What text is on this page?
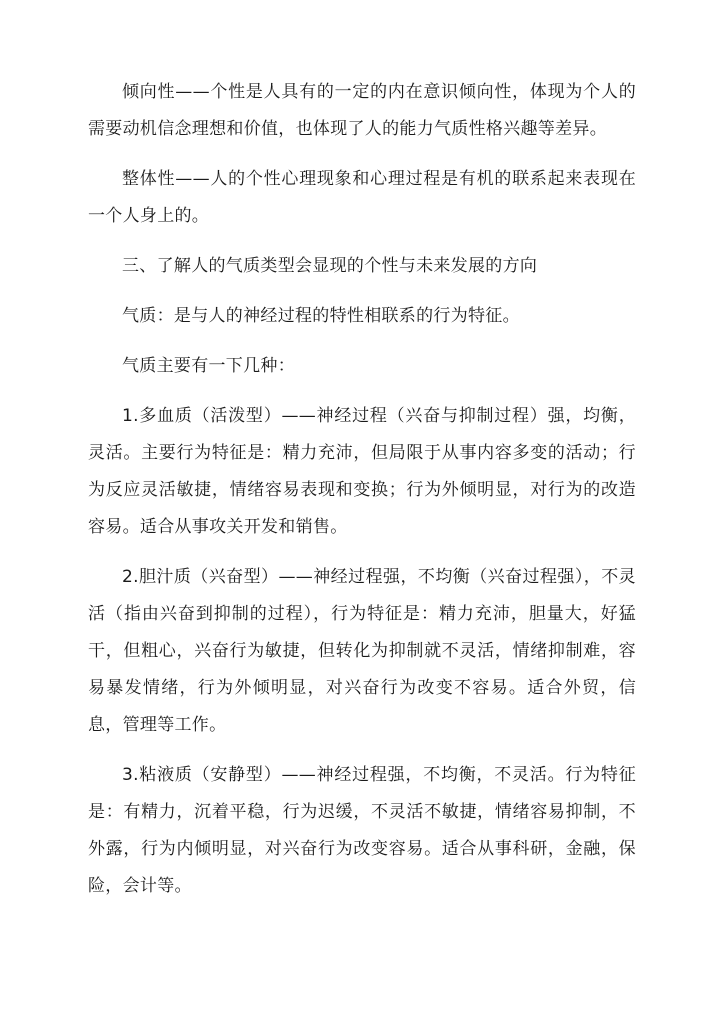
倾向性——个性是人具有的一定的内在意识倾向性，体现为个人的需要动机信念理想和价值，也体现了人的能力气质性格兴趣等差异。

整体性——人的个性心理现象和心理过程是有机的联系起来表现在一个人身上的。

三、了解人的气质类型会显现的个性与未来发展的方向

气质：是与人的神经过程的特性相联系的行为特征。

气质主要有一下几种：

1.多血质（活泼型）——神经过程（兴奋与抑制过程）强，均衡，灵活。主要行为特征是：精力充沛，但局限于从事内容多变的活动；行为反应灵活敏捷，情绪容易表现和变换；行为外倾明显，对行为的改造容易。适合从事攻关开发和销售。

2.胆汁质（兴奋型）——神经过程强，不均衡（兴奋过程强），不灵活（指由兴奋到抑制的过程），行为特征是：精力充沛，胆量大，好猛干，但粗心，兴奋行为敏捷，但转化为抑制就不灵活，情绪抑制难，容易暴发情绪，行为外倾明显，对兴奋行为改变不容易。适合外贸，信息，管理等工作。

3.粘液质（安静型）——神经过程强，不均衡，不灵活。行为特征是：有精力，沉着平稳，行为迟缓，不灵活不敏捷，情绪容易抑制，不外露，行为内倾明显，对兴奋行为改变容易。适合从事科研，金融，保险，会计等。
